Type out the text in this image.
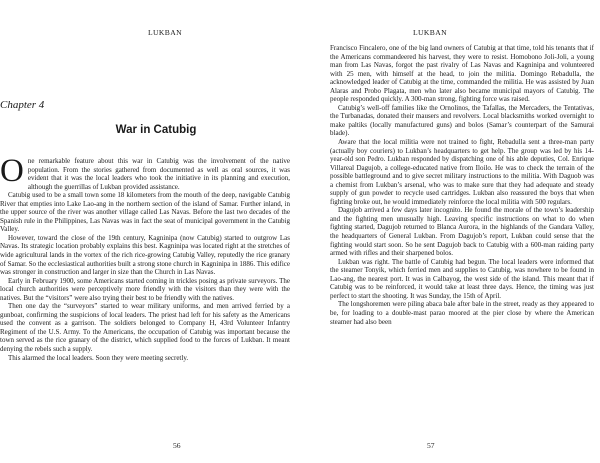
LUKBAN
Chapter 4
War in Catubig

One remarkable feature about this war in Catubig was the involvement of the native population. From the stories gathered from documented as well as oral sources, it was evident that it was the local leaders who took the initiative in its planning and execution, although the guerrillas of Lukban provided assistance.

Catubig used to be a small town some 18 kilometers from the mouth of the deep, navigable Catubig River that empties into Lake Lao-ang in the northern section of the island of Samar. Further inland, in the upper source of the river was another village called Las Navas. Before the last two decades of the Spanish rule in the Philippines, Las Navas was in fact the seat of municipal government in the Catubig Valley.

However, toward the close of the 19th century, Kagninipa (now Catubig) started to outgrow Las Navas. Its strategic location probably explains this best. Kagninipa was located right at the stretches of wide agricultural lands in the vortex of the rich rice-growing Catubig Valley, reputedly the rice granary of Samar. So the ecclesiastical authorities built a strong stone church in Kagninipa in 1886. This edifice was stronger in construction and larger in size than the Church in Las Navas.

Early in February 1900, some Americans started coming in trickles posing as private surveyors. The local church authorities were perceptively more friendly with the visitors than they were with the natives. But the “visitors” were also trying their best to be friendly with the natives.

Then one day the “surveyors” started to wear military uniforms, and men arrived ferried by a gunboat, confirming the suspicions of local leaders. The priest had left for his safety as the Americans used the convent as a garrison. The soldiers belonged to Company H, 43rd Volunteer Infantry Regiment of the U.S. Army. To the Americans, the occupation of Catubig was important because the town served as the rice granary of the district, which supplied food to the forces of Lukban. It meant denying the rebels such a supply.

This alarmed the local leaders. Soon they were meeting secretly.

56
LUKBAN

Francisco Fincalero, one of the big land owners of Catubig at that time, told his tenants that if the Americans commandeered his harvest, they were to resist. Homobono Joli-Joli, a young man from Las Navas, forgot the past rivalry of Las Navas and Kagninipa and volunteered with 25 men, with himself at the head, to join the militia. Domingo Rebadulla, the acknowledged leader of Catubig at the time, commanded the militia. He was assisted by Juan Alaras and Probo Plagata, men who later also became municipal mayors of Catubig. The people responded quickly. A 300-man strong, fighting force was raised.

Catubig’s well-off families like the Ornolinos, the Tafallas, the Mercaders, the Tentativas, the Turbanadas, donated their mausers and revolvers. Local blacksmiths worked overnight to make paltiks (locally manufactured guns) and bolos (Samar’s counterpart of the Samurai blade).

Aware that the local militia were not trained to fight, Rebadulla sent a three-man party (actually boy couriers) to Lukban’s headquarters to get help. The group was led by his 14-year-old son Pedro. Lukban responded by dispatching one of his able deputies, Col. Enrique Villareal Dagujob, a college-educated native from Iloilo. He was to check the terrain of the possible battleground and to give secret military instructions to the militia. With Daguob was a chemist from Lukban’s arsenal, who was to make sure that they had adequate and steady supply of gun powder to recycle used cartridges. Lukban also reassured the boys that when fighting broke out, he would immediately reinforce the local militia with 500 regulars.

Dagujob arrived a few days later incognito. He found the morale of the town’s leadership and the fighting men unusually high. Leaving specific instructions on what to do when fighting started, Dagujob returned to Blanca Aurora, in the highlands of the Gandara Valley, the headquarters of General Lukban. From Dagujob’s report, Lukban could sense that the fighting would start soon. So he sent Dagujob back to Catubig with a 600-man raiding party armed with rifles and their sharpened bolos.

Lukban was right. The battle of Catubig had begun. The local leaders were informed that the steamer Tonyik, which ferried men and supplies to Catubig, was nowhere to be found in Lao-ang, the nearest port. It was in Calbayog, the west side of the island. This meant that if Catubig was to be reinforced, it would take at least three days. Hence, the timing was just perfect to start the shooting. It was Sunday, the 15th of April.

The longshoremen were piling abaca bale after bale in the street, ready as they appeared to be, for loading to a double-mast parao moored at the pier close by where the American steamer had also been

57
